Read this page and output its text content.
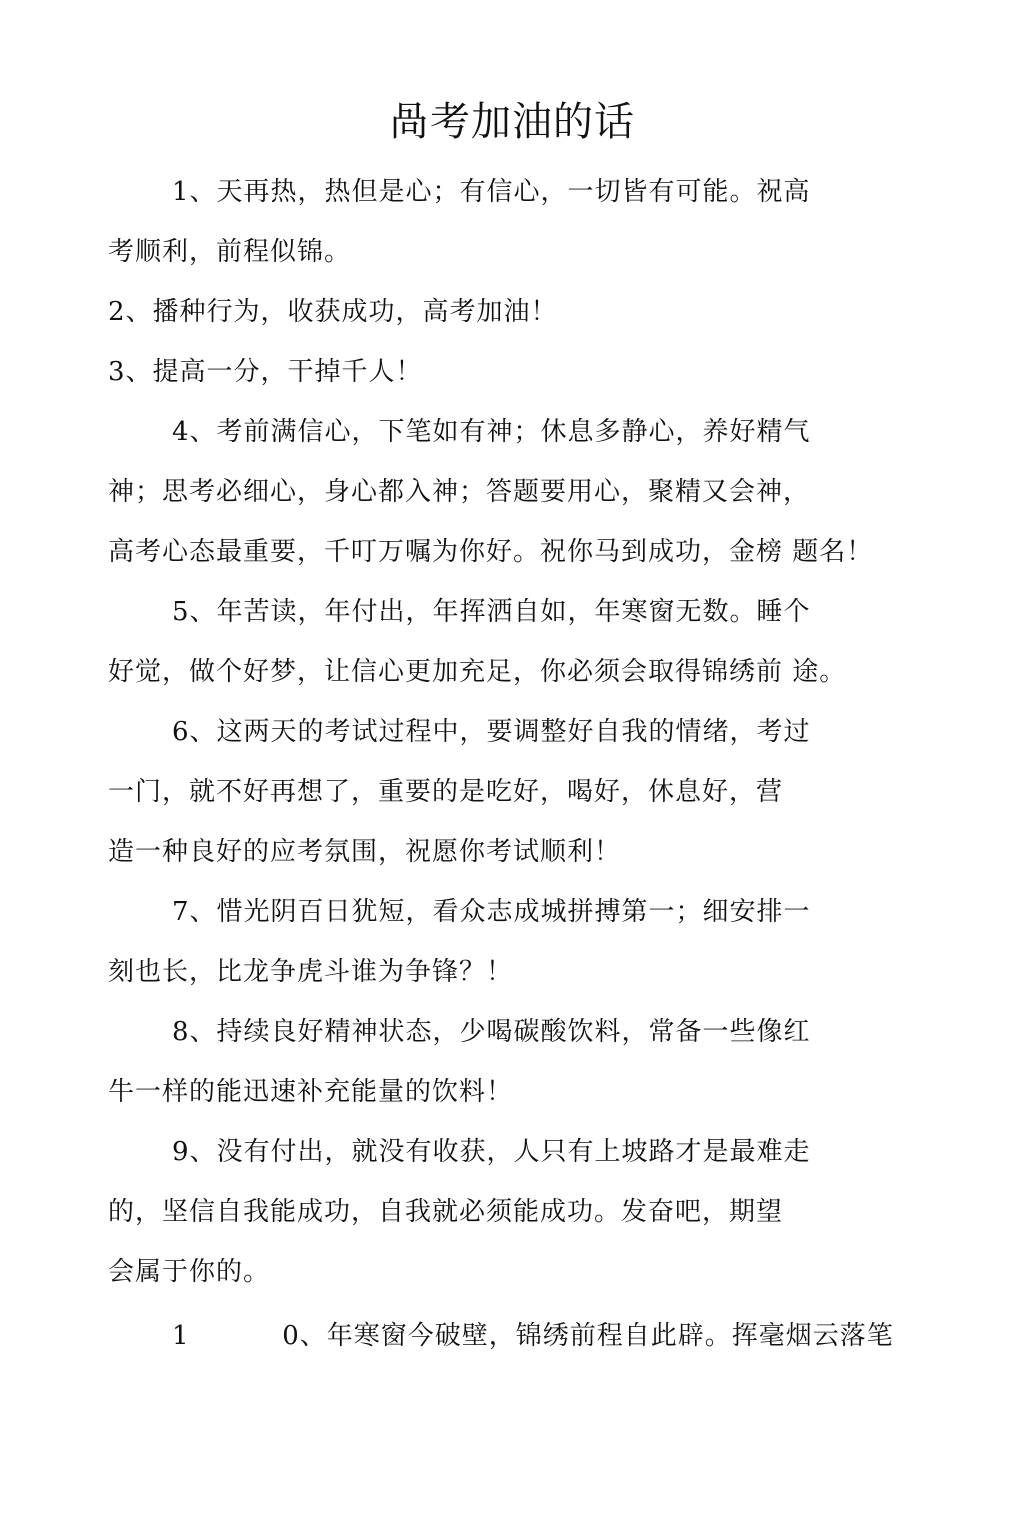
咼考加油的话
1、天再热，热但是心；有信心，一切皆有可能。祝高
考顺利，前程似锦。
2、播种行为，收获成功，高考加油！
3、提高一分，干掉千人！
4、考前满信心，下笔如有神；休息多静心，养好精气
神；思考必细心，身心都入神；答题要用心，聚精又会神，
高考心态最重要，千叮万嘱为你好。祝你马到成功，金榜 题名！
5、年苦读，年付出，年挥洒自如，年寒窗无数。睡个
好觉，做个好梦，让信心更加充足，你必须会取得锦绣前 途。
6、这两天的考试过程中，要调整好自我的情绪，考过
一门，就不好再想了，重要的是吃好，喝好，休息好，营
造一种良好的应考氛围，祝愿你考试顺利！
7、惜光阴百日犹短，看众志成城拼搏第一；细安排一
刻也长，比龙争虎斗谁为争锋？！
8、持续良好精神状态，少喝碳酸饮料，常备一些像红
牛一样的能迅速补充能量的饮料！
9、没有付出，就没有收获，人只有上坡路才是最难走
的，坚信自我能成功，自我就必须能成功。发奋吧，期望
会属于你的。
1          0、年寒窗今破壁，锦绣前程自此辟。挥毫烟云落笔
